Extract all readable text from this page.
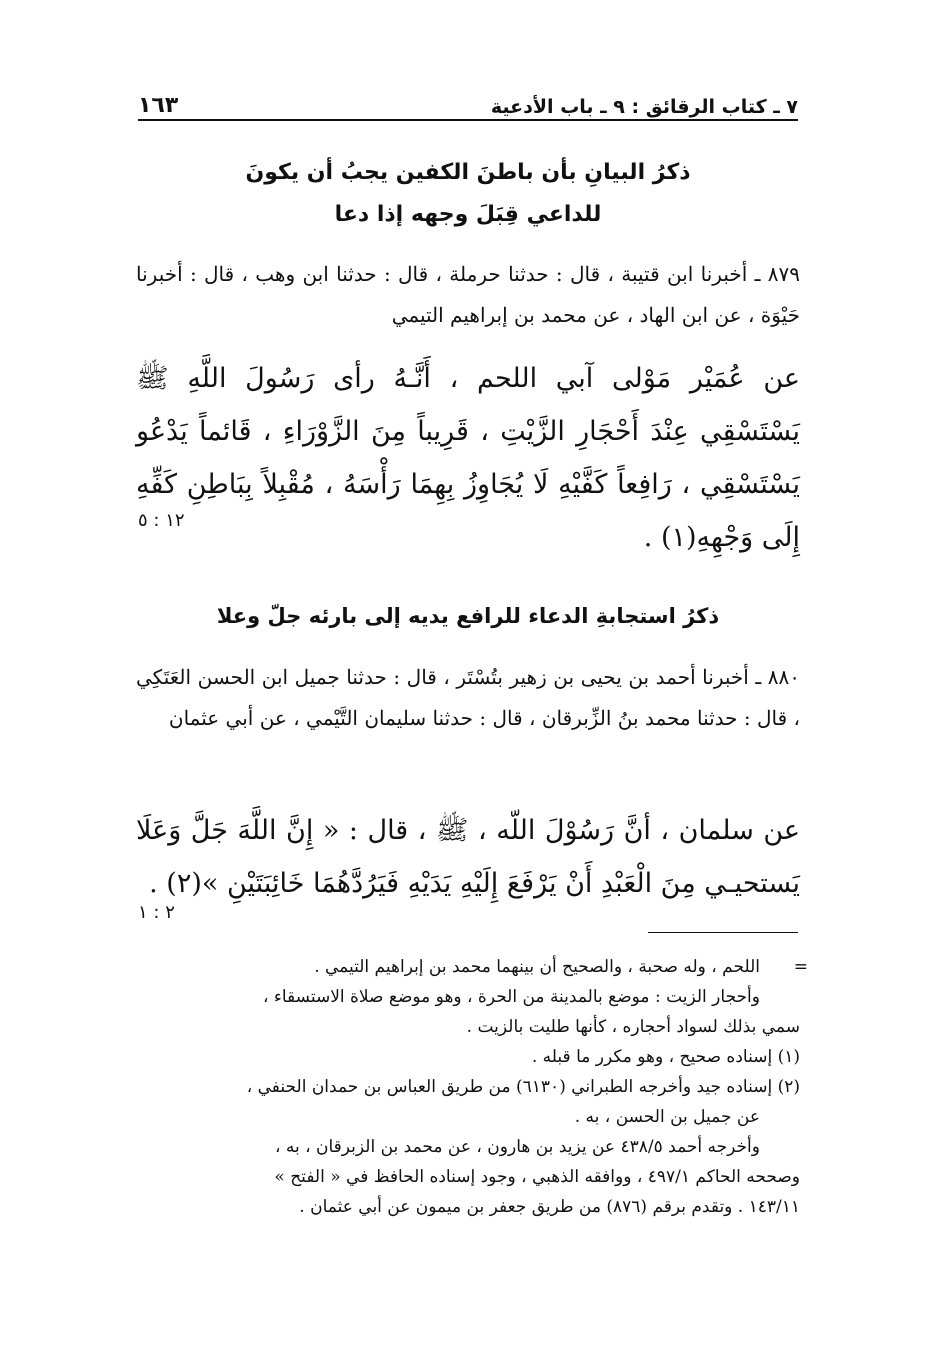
٧ ـ كتاب الرقائق : ٩ ـ باب الأدعية
١٦٣
ذكرُ البيانِ بأن باطنَ الكفين يجبُ أن يكونَ
للداعي قِبَلَ وجهه إذا دعا
٨٧٩ ـ أخبرنا ابن قتيبة ، قال : حدثنا حرملة ، قال : حدثنا ابن وهب ، قال : أخبرنا حَيْوَة ، عن ابن الهاد ، عن محمد بن إبراهيم التيمي
عن عُمَيْر مَوْلى آبي اللحم ، أَنَّـهُ رأى رَسُولَ اللَّهِ ﷺ يَسْتَسْقِي عِنْدَ أَحْجَارِ الزَّيْتِ ، قَرِيباً مِنَ الزَّوْرَاءِ ، قَائماً يَدْعُو يَسْتَسْقِي ، رَافِعاً كَفَّيْهِ لَا يُجَاوِزُ بِهِمَا رَأْسَهُ ، مُقْبِلاً بِبَاطِنِ كَفِّهِ إِلَى وَجْهِهِ(١) .
١٢ : ٥
ذكرُ استجابةِ الدعاء للرافع يديه إلى بارئه جلّ وعلا
٨٨٠ ـ أخبرنا أحمد بن يحيى بن زهير بتُسْتَر ، قال : حدثنا جميل ابن الحسن العَتَكِي ، قال : حدثنا محمد بنُ الزِّبرقان ، قال : حدثنا سليمان التَّيْمي ، عن أبي عثمان
عن سلمان ، أنَّ رَسُوْلَ اللّه ، ﷺ ، قال : « إِنَّ اللَّهَ جَلَّ وَعَلَا يَستحيـي مِنَ الْعَبْدِ أَنْ يَرْفَعَ إِلَيْهِ يَدَيْهِ فَيَرُدَّهُمَا خَائِبَتَيْنِ »(٢) .
٢ : ١
=
اللحم ، وله صحبة ، والصحيح أن بينهما محمد بن إبراهيم التيمي .
وأحجار الزيت : موضع بالمدينة من الحرة ، وهو موضع صلاة الاستسقاء ،
سمي بذلك لسواد أحجاره ، كأنها طليت بالزيت .
(١) إسناده صحيح ، وهو مكرر ما قبله .
(٢) إسناده جيد وأخرجه الطبراني (٦١٣٠) من طريق العباس بن حمدان الحنفي ،
عن جميل بن الحسن ، به .
وأخرجه أحمد ٤٣٨/٥ عن يزيد بن هارون ، عن محمد بن الزبرقان ، به ،
وصححه الحاكم ٤٩٧/١ ، ووافقه الذهبي ، وجود إسناده الحافظ في « الفتح »
١٤٣/١١ . وتقدم برقم (٨٧٦) من طريق جعفر بن ميمون عن أبي عثمان .
